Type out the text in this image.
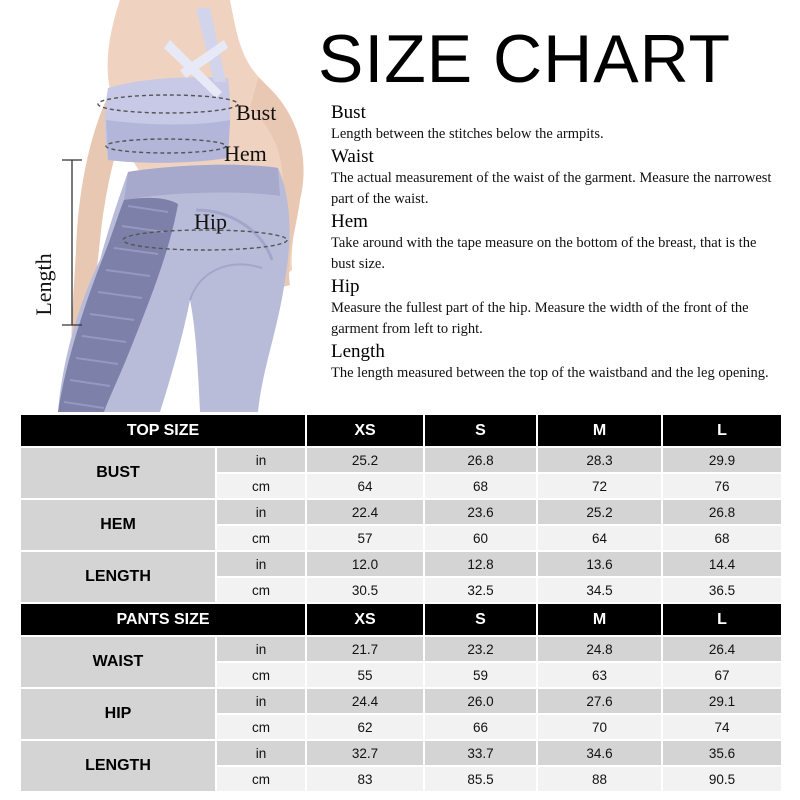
Bust
Hem
Hip
Length
SIZE CHART
Bust
Length between the stitches below the armpits.
Waist
The actual measurement of the waist of the garment. Measure the narrowest part of the waist.
Hem
Take around with the tape measure on the bottom of the breast, that is the bust size.
Hip
Measure the fullest part of the hip. Measure the width of the front of the garment from left to right.
Length
The length measured between the top of the waistband and the leg opening.
TOP SIZE		XS	S	M	L
BUST	in	25.2	26.8	28.3	29.9
	cm	64	68	72	76
HEM	in	22.4	23.6	25.2	26.8
	cm	57	60	64	68
LENGTH	in	12.0	12.8	13.6	14.4
	cm	30.5	32.5	34.5	36.5
PANTS SIZE		XS	S	M	L
WAIST	in	21.7	23.2	24.8	26.4
	cm	55	59	63	67
HIP	in	24.4	26.0	27.6	29.1
	cm	62	66	70	74
LENGTH	in	32.7	33.7	34.6	35.6
	cm	83	85.5	88	90.5
